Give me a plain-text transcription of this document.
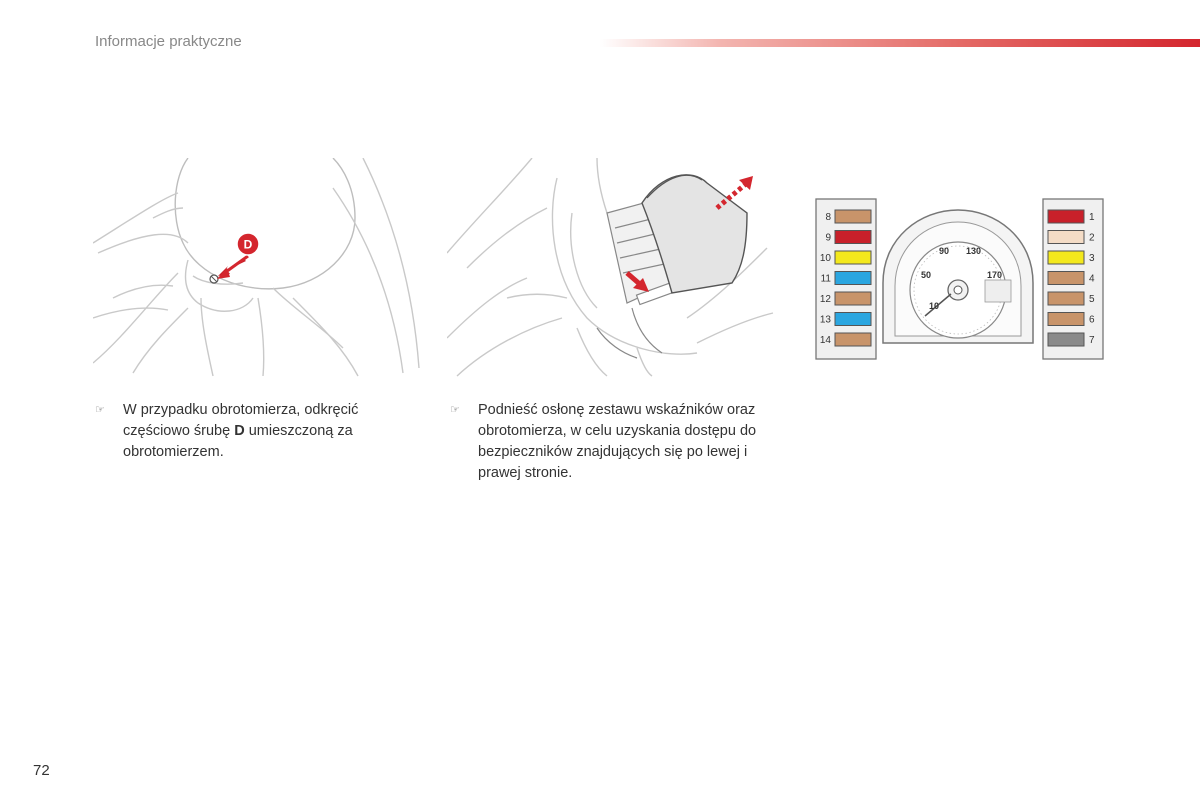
Informacje praktyczne
D
10
50
90 130
170
8
9
10
11
12
13
14
1
2
3
4
5
6
7
☞ W przypadku obrotomierza, odkręcić częściowo śrubę D umieszczoną za obrotomierzem.
☞ Podnieść osłonę zestawu wskaźników oraz obrotomierza, w celu uzyskania dostępu do bezpieczników znajdujących się po lewej i prawej stronie.
72
